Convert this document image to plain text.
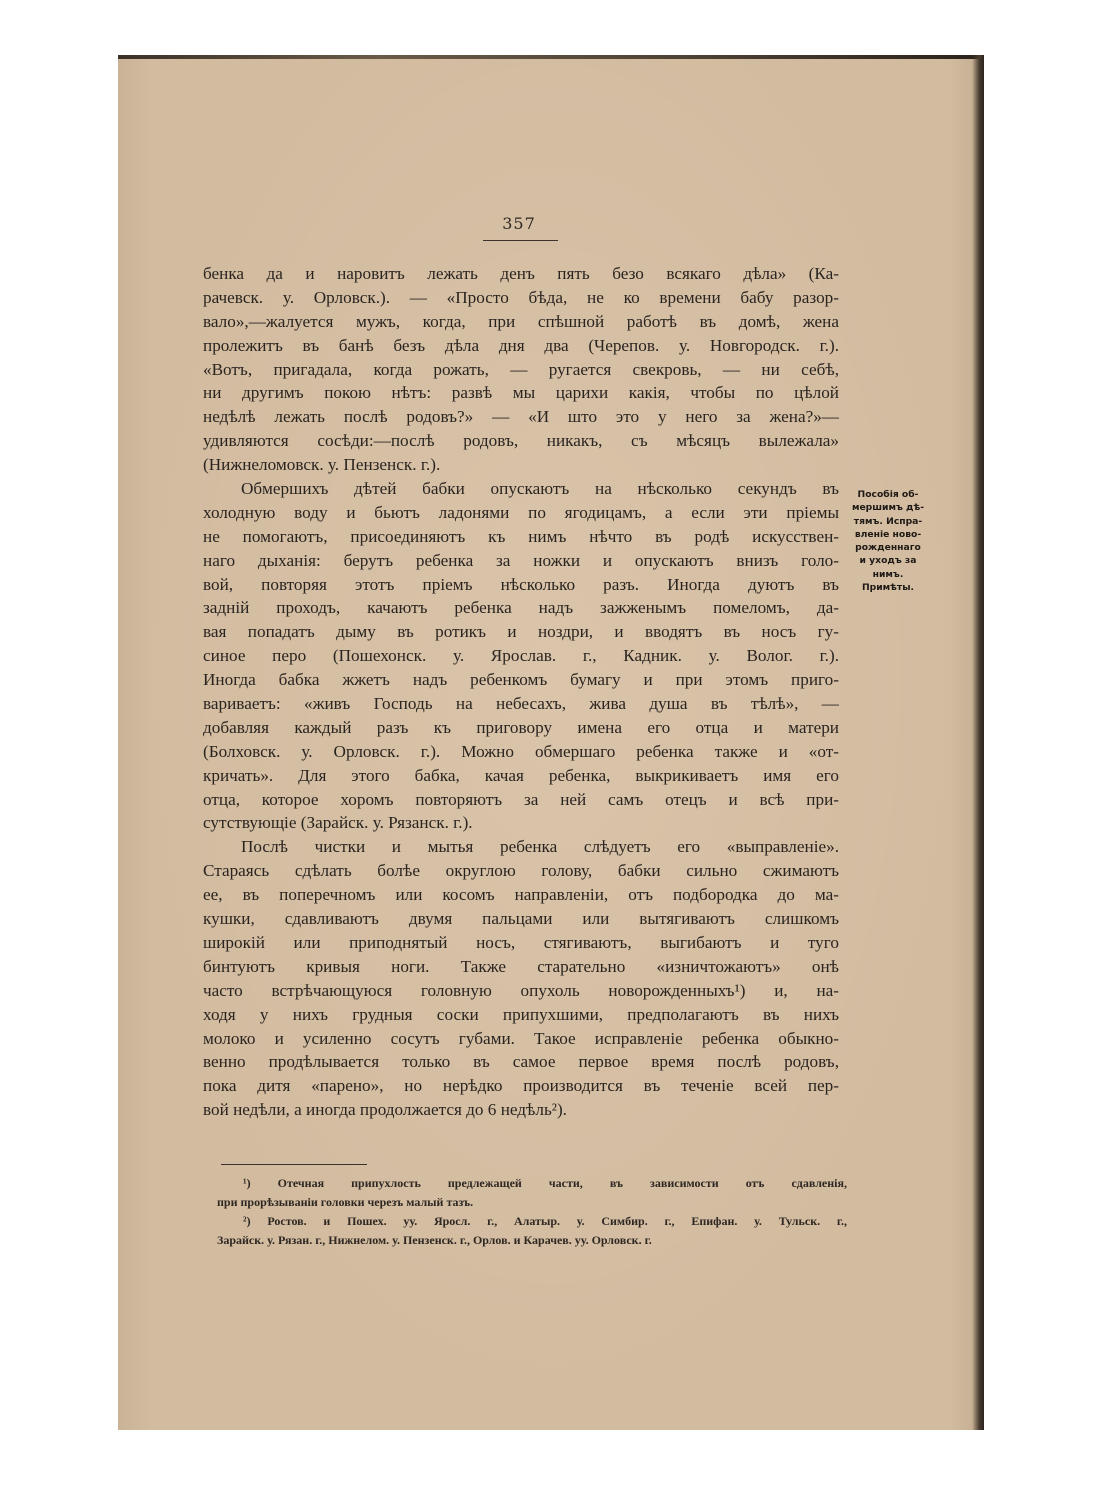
357
бенка да и наровитъ лежать денъ пять безо всякаго дѣла» (Ка-
рачевск. у. Орловск.). — «Просто бѣда, не ко времени бабу разор-
вало»,—жалуется мужъ, когда, при спѣшной работѣ въ домѣ, жена
пролежитъ въ банѣ безъ дѣла дня два (Черепов. у. Новгородск. г.).
«Вотъ, пригадала, когда рожать, — ругается свекровь, — ни себѣ,
ни другимъ покою нѣтъ: развѣ мы царихи какія, чтобы по цѣлой
недѣлѣ лежать послѣ родовъ?» — «И што это у него за жена?»—
удивляются сосѣди:—послѣ родовъ, никакъ, съ мѣсяцъ вылежала»
(Нижнеломовск. у. Пензенск. г.).
Обмершихъ дѣтей бабки опускаютъ на нѣсколько секундъ въ
холодную воду и бьютъ ладонями по ягодицамъ, а если эти пріемы
не помогаютъ, присоединяютъ къ нимъ нѣчто въ родѣ искусствен-
наго дыханія: берутъ ребенка за ножки и опускаютъ внизъ голо-
вой, повторяя этотъ пріемъ нѣсколько разъ. Иногда дуютъ въ
задній проходъ, качаютъ ребенка надъ зажженымъ помеломъ, да-
вая попадатъ дыму въ ротикъ и ноздри, и вводятъ въ носъ гу-
синое перо (Пошехонск. у. Ярослав. г., Кадник. у. Волог. г.).
Иногда бабка жжетъ надъ ребенкомъ бумагу и при этомъ приго-
вариваетъ: «живъ Господь на небесахъ, жива душа въ тѣлѣ», —
добавляя каждый разъ къ приговору имена его отца и матери
(Болховск. у. Орловск. г.). Можно обмершаго ребенка также и «от-
кричать». Для этого бабка, качая ребенка, выкрикиваетъ имя его
отца, которое хоромъ повторяютъ за ней самъ отецъ и всѣ при-
сутствующіе (Зарайск. у. Рязанск. г.).
Послѣ чистки и мытья ребенка слѣдуетъ его «выправленіе».
Стараясь сдѣлать болѣе округлою голову, бабки сильно сжимаютъ
ее, въ поперечномъ или косомъ направленіи, отъ подбородка до ма-
кушки, сдавливаютъ двумя пальцами или вытягиваютъ слишкомъ
широкій или приподнятый носъ, стягиваютъ, выгибаютъ и туго
бинтуютъ кривыя ноги. Также старательно «изничтожаютъ» онѣ
часто встрѣчающуюся головную опухоль новорожденныхъ¹) и, на-
ходя у нихъ грудныя соски припухшими, предполагаютъ въ нихъ
молоко и усиленно сосутъ губами. Такое исправленіе ребенка обыкно-
венно продѣлывается только въ самое первое время послѣ родовъ,
пока дитя «парено», но нерѣдко производится въ теченіе всей пер-
вой недѣли, а иногда продолжается до 6 недѣль²).
Пособія об-
мершимъ дѣ-
тямъ. Испра-
вленіе ново-
рожденнаго
и уходъ за
нимъ.
Примѣты.
¹) Отечная припухлость предлежащей части, въ зависимости отъ сдавленія,
при прорѣзываніи головки черезъ малый тазъ.
²) Ростов. и Пошех. уу. Яросл. г., Алатыр. у. Симбир. г., Епифан. у. Тульск. г.,
Зарайск. у. Рязан. г., Нижнелом. у. Пензенск. г., Орлов. и Карачев. уу. Орловск. г.
